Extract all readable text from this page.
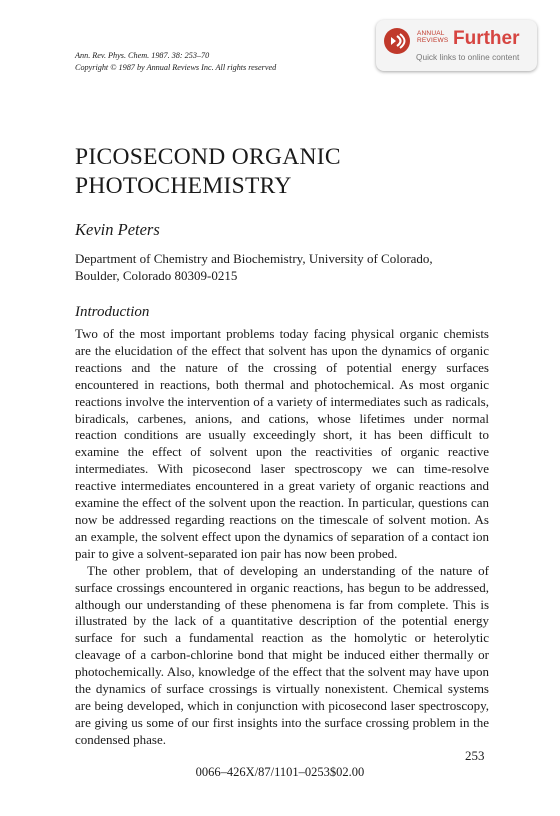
Ann. Rev. Phys. Chem. 1987. 38: 253–70
Copyright © 1987 by Annual Reviews Inc. All rights reserved
ANNUAL
REVIEWS Further
Quick links to online content
PICOSECOND ORGANIC
PHOTOCHEMISTRY
Kevin Peters
Department of Chemistry and Biochemistry, University of Colorado,
Boulder, Colorado 80309-0215
Introduction

Two of the most important problems today facing physical organic chemists are the elucidation of the effect that solvent has upon the dynamics of organic reactions and the nature of the crossing of potential energy surfaces encountered in reactions, both thermal and photochemical. As most organic reactions involve the intervention of a variety of intermediates such as radicals, biradicals, carbenes, anions, and cations, whose lifetimes under normal reaction conditions are usually exceedingly short, it has been difficult to examine the effect of solvent upon the reactivities of organic reactive intermediates. With picosecond laser spectroscopy we can time-resolve reactive intermediates encountered in a great variety of organic reactions and examine the effect of the solvent upon the reaction. In particular, questions can now be addressed regarding reactions on the timescale of solvent motion. As an example, the solvent effect upon the dynamics of separation of a contact ion pair to give a solvent-separated ion pair has now been probed.

The other problem, that of developing an understanding of the nature of surface crossings encountered in organic reactions, has begun to be addressed, although our understanding of these phenomena is far from complete. This is illustrated by the lack of a quantitative description of the potential energy surface for such a fundamental reaction as the homolytic or heterolytic cleavage of a carbon-chlorine bond that might be induced either thermally or photochemically. Also, knowledge of the effect that the solvent may have upon the dynamics of surface crossings is virtually nonexistent. Chemical systems are being developed, which in conjunction with picosecond laser spectroscopy, are giving us some of our first insights into the surface crossing problem in the condensed phase.

253
0066–426X/87/1101–0253$02.00
